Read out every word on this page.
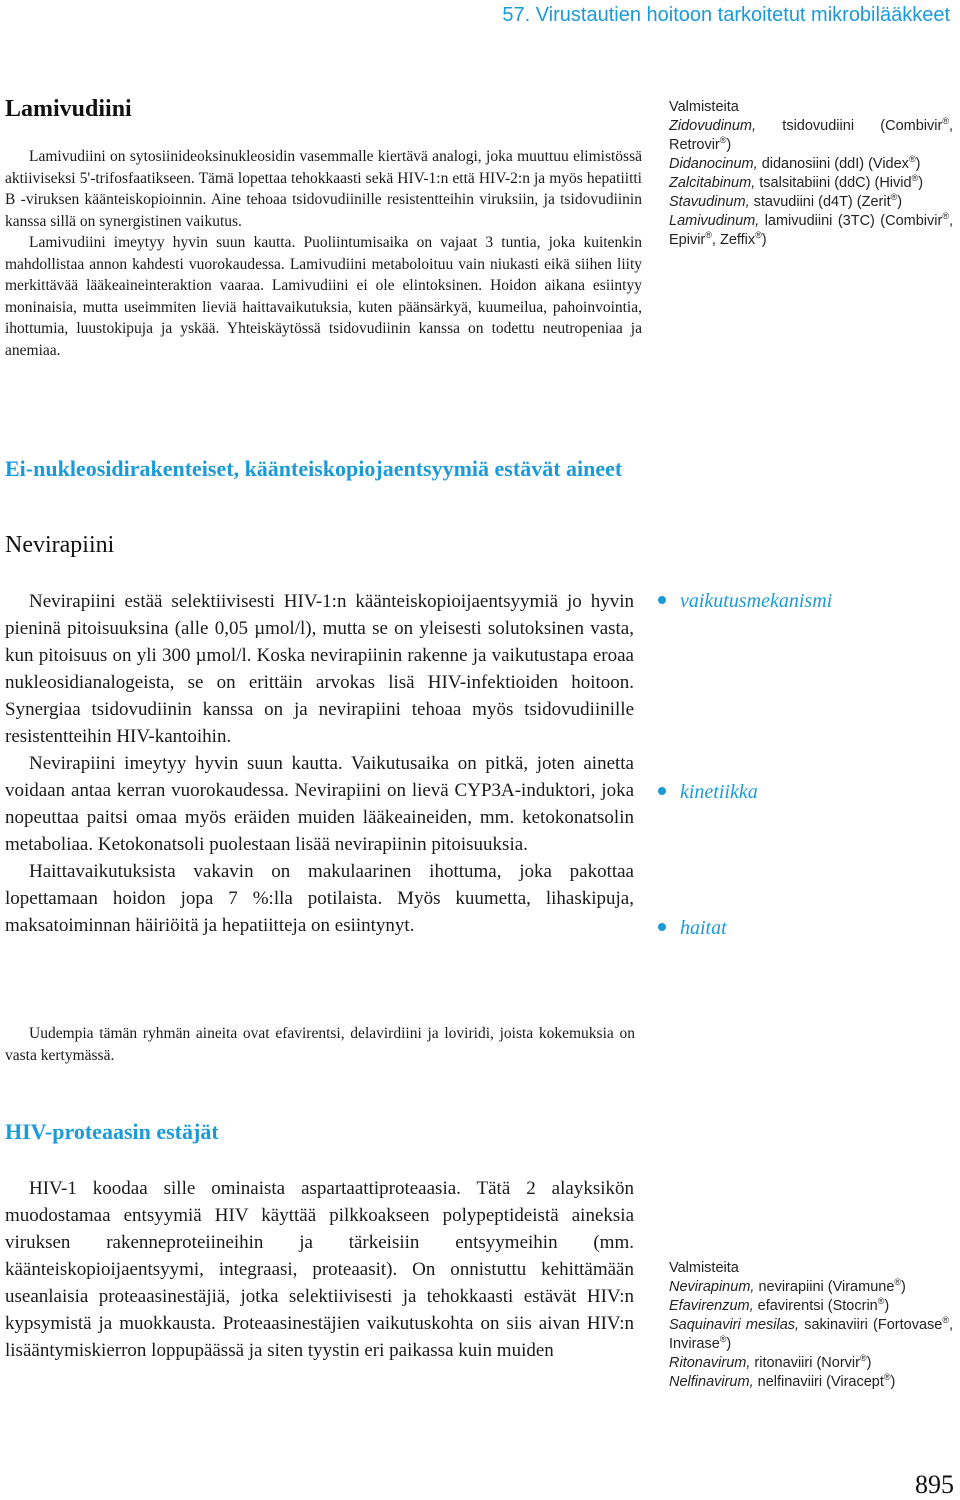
57. Virustautien hoitoon tarkoitetut mikrobilääkkeet
Lamivudiini

Lamivudiini on sytosiinideoksinukleosidin vasemmalle kiertävä analogi, joka muuttuu elimistössä aktiiviseksi 5'-trifosfaatikseen. Tämä lopettaa tehokkaasti sekä HIV-1:n että HIV-2:n ja myös hepatiitti B -viruksen käänteiskopioinnin. Aine tehoaa tsidovudiinille resistentteihin viruksiin, ja tsidovudiinin kanssa sillä on synergistinen vaikutus.

Lamivudiini imeytyy hyvin suun kautta. Puoliintumisaika on vajaat 3 tuntia, joka kuitenkin mahdollistaa annon kahdesti vuorokaudessa. Lamivudiini metaboloituu vain niukasti eikä siihen liity merkittävää lääkeaineinteraktion vaaraa. Lamivudiini ei ole elintoksinen. Hoidon aikana esiintyy moninaisia, mutta useimmiten lieviä haittavaikutuksia, kuten päänsärkyä, kuumeilua, pahoinvointia, ihottumia, luustokipuja ja yskää. Yhteiskäytössä tsidovudiinin kanssa on todettu neutropeniaa ja anemiaa.

Valmisteita
Zidovudinum, tsidovudiini (Combivir®, Retrovir®)
Didanocinum, didanosiini (ddI) (Videx®)
Zalcitabinum, tsalsitabiini (ddC) (Hivid®)
Stavudinum, stavudiini (d4T) (Zerit®)
Lamivudinum, lamivudiini (3TC) (Combivir®, Epivir®, Zeffix®)
Ei-nukleosidirakenteiset, käänteiskopiojaentsyymiä estävät aineet
Nevirapiini

Nevirapiini estää selektiivisesti HIV-1:n käänteiskopioijaentsyymiä jo hyvin pieninä pitoisuuksina (alle 0,05 µmol/l), mutta se on yleisesti solutoksinen vasta, kun pitoisuus on yli 300 µmol/l. Koska nevirapiinin rakenne ja vaikutustapa eroaa nukleosidianalogeista, se on erittäin arvokas lisä HIV-infektioiden hoitoon. Synergiaa tsidovudiinin kanssa on ja nevirapiini tehoaa myös tsidovudiinille resistentteihin HIV-kantoihin.

Nevirapiini imeytyy hyvin suun kautta. Vaikutusaika on pitkä, joten ainetta voidaan antaa kerran vuorokaudessa. Nevirapiini on lievä CYP3A-induktori, joka nopeuttaa paitsi omaa myös eräiden muiden lääkeaineiden, mm. ketokonatsolin metaboliaa. Ketokonatsoli puolestaan lisää nevirapiinin pitoisuuksia.

Haittavaikutuksista vakavin on makulaarinen ihottuma, joka pakottaa lopettamaan hoidon jopa 7 %:lla potilaista. Myös kuumetta, lihaskipuja, maksatoiminnan häiriöitä ja hepatiitteja on esiintynyt.

vaikutusmekanismi
kinetiikka
haitat

Uudempia tämän ryhmän aineita ovat efavirentsi, delavirdiini ja loviridi, joista kokemuksia on vasta kertymässä.

HIV-proteaasin estäjät

HIV-1 koodaa sille ominaista aspartaattiproteaasia. Tätä 2 alayksikön muodostamaa entsyymiä HIV käyttää pilkkoakseen polypeptideistä aineksia viruksen rakenneproteiineihin ja tärkeisiin entsyymeihin (mm. käänteiskopioijaentsyymi, integraasi, proteaasit). On onnistuttu kehittämään useanlaisia proteaasinestäjiä, jotka selektiivisesti ja tehokkaasti estävät HIV:n kypsymistä ja muokkausta. Proteaasinestäjien vaikutuskohta on siis aivan HIV:n lisääntymiskierron loppupäässä ja siten tyystin eri paikassa kuin muiden

Valmisteita
Nevirapinum, nevirapiini (Viramune®)
Efavirenzum, efavirentsi (Stocrin®)
Saquinaviri mesilas, sakinaviiri (Fortovase®, Invirase®)
Ritonavirum, ritonaviiri (Norvir®)
Nelfinavirum, nelfinaviiri (Viracept®)
895
